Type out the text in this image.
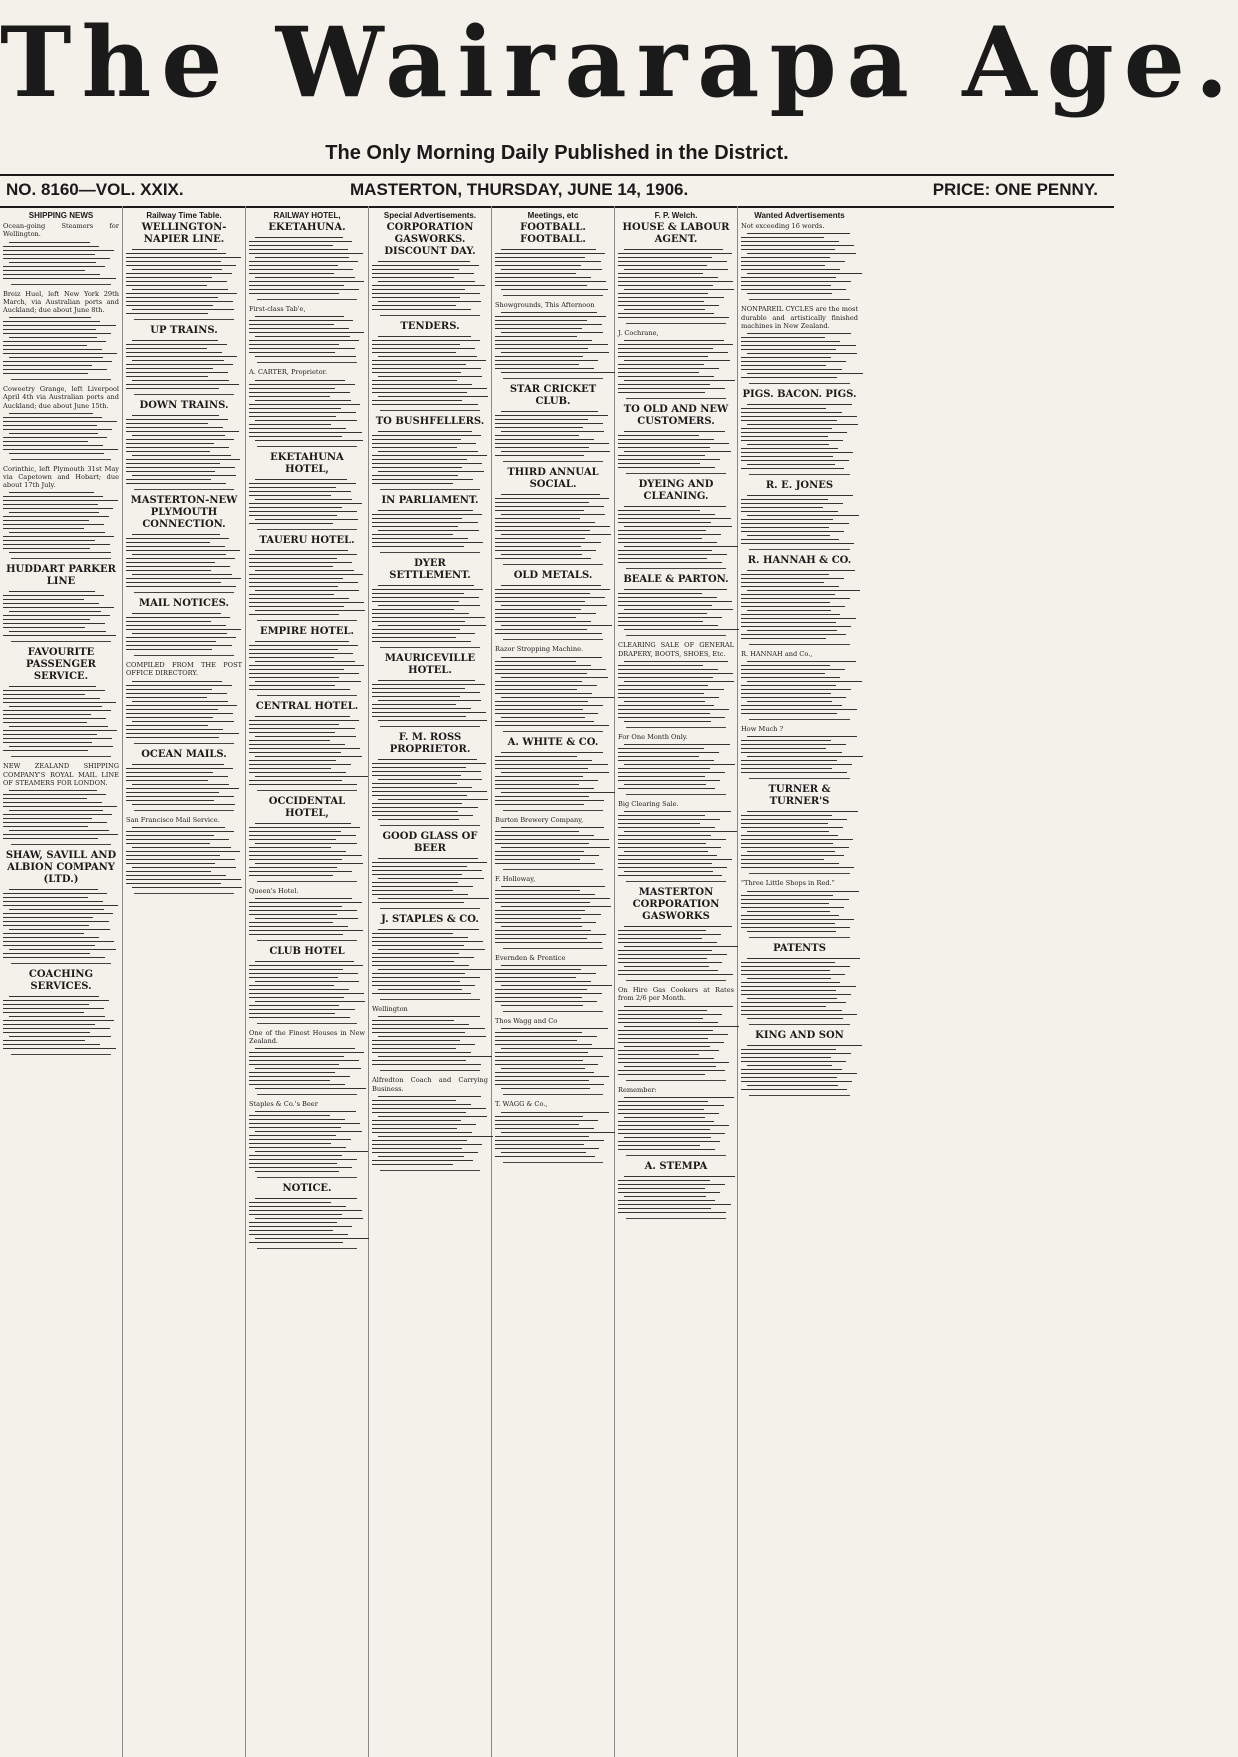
The Wairarapa Age.
The Only Morning Daily Published in the District.
NO. 8160—VOL. XXIX.	MASTERTON, THURSDAY, JUNE 14, 1906.	PRICE: ONE PENNY.
SHIPPING NEWS

Ocean-going Steamers for Wellington.

Breiz Huel, left New York 29th March, via Australian ports and Auckland; due about June 8th.

Coweetry Grange, left Liverpool April 4th via Australian ports and Auckland; due about June 15th.

Corinthic, left Plymouth 31st May via Capetown and Hobart; due about 17th July.

HUDDART PARKER LINE

FAVOURITE PASSENGER SERVICE.

NEW ZEALAND SHIPPING COMPANY'S ROYAL MAIL LINE OF STEAMERS FOR LONDON.

SHAW, SAVILL AND ALBION COMPANY (LTD.)

COACHING SERVICES.

Railway Time Table.

WELLINGTON-NAPIER LINE.

UP TRAINS.

DOWN TRAINS.

MASTERTON-NEW PLYMOUTH CONNECTION.

MAIL NOTICES.

COMPILED FROM THE POST OFFICE DIRECTORY.

OCEAN MAILS.

San Francisco Mail Service.

RAILWAY HOTEL,

EKETAHUNA.

First-class Tab'e,

A. CARTER, Proprietor.

EKETAHUNA HOTEL,

TAUERU HOTEL.

EMPIRE HOTEL.

CENTRAL HOTEL.

OCCIDENTAL HOTEL,

Queen's Hotel.

CLUB HOTEL

One of the Finest Houses in New Zealand.

Staples & Co.'s Beer

NOTICE.

Special Advertisements.

CORPORATION GASWORKS. DISCOUNT DAY.

TENDERS.

TO BUSHFELLERS.

IN PARLIAMENT.

DYER SETTLEMENT.

MAURICEVILLE HOTEL.

F. M. ROSS PROPRIETOR.

GOOD GLASS OF BEER

J. STAPLES & CO.

Wellington

Alfredton Coach and Carrying Business.

Meetings, etc

FOOTBALL. FOOTBALL.

Showgrounds, This Afternoon

STAR CRICKET CLUB.

THIRD ANNUAL SOCIAL.

OLD METALS.

Razor Stropping Machine.

A. WHITE & CO.

Burton Brewery Company,

F. Holloway,

Evernden & Prentice

Thos Wagg and Co

T. WAGG & Co.,

F. P. Welch.

HOUSE & LABOUR AGENT.

J. Cochrane,

TO OLD AND NEW CUSTOMERS.

DYEING AND CLEANING.

BEALE & PARTON.

CLEARING SALE OF GENERAL DRAPERY, BOOTS, SHOES, Etc.

For One Month Only.

Big Clearing Sale.

MASTERTON CORPORATION GASWORKS

On Hire Gas Cookers at Rates from 2/6 per Month.

Remember:

A. STEMPA

Wanted Advertisements

Not exceeding 16 words.

NONPAREIL CYCLES are the most durable and artistically finished machines in New Zealand.

PIGS. BACON. PIGS.

R. E. JONES

R. HANNAH & CO.

R. HANNAH and Co.,

How Much ?

TURNER & TURNER'S

"Three Little Shops in Red."

PATENTS

KING AND SON
